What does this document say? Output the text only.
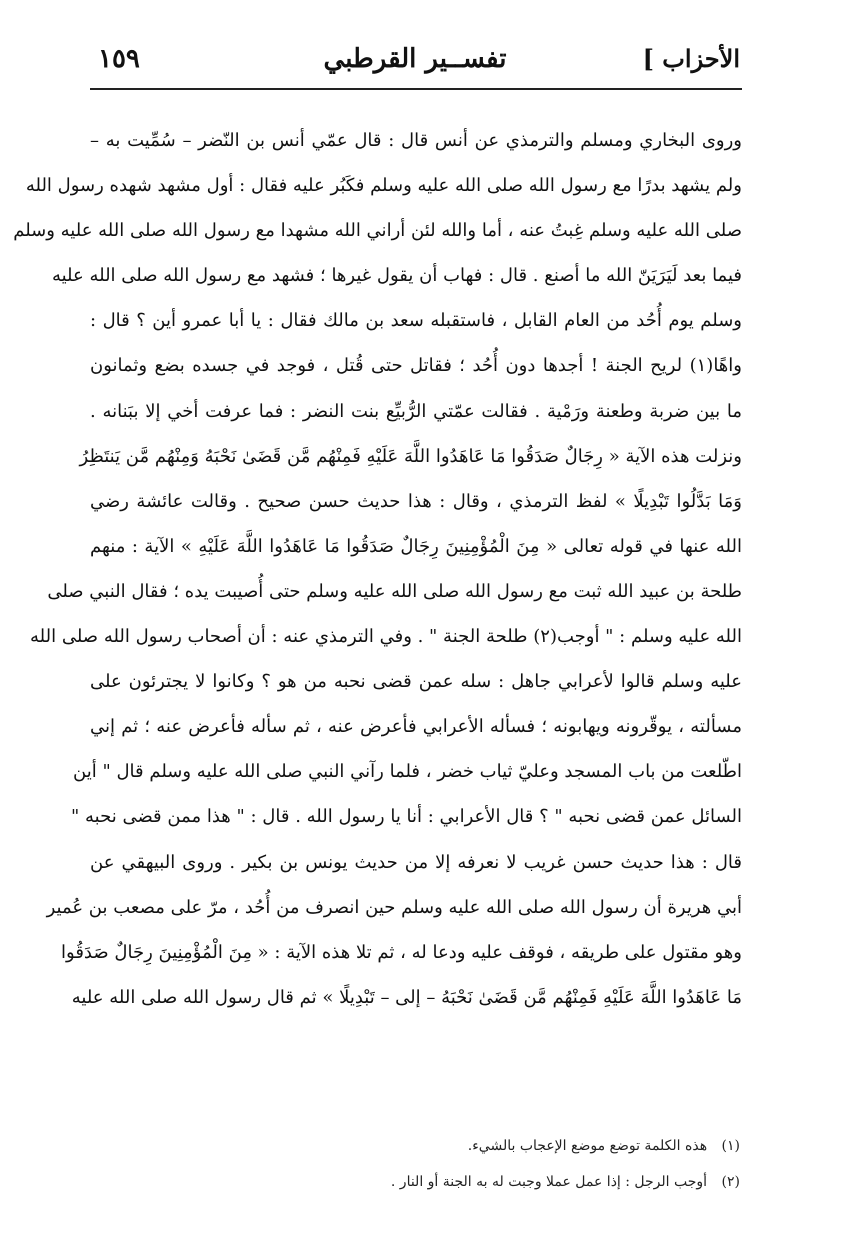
الأحزاب ]
تفســير القرطبي
١٥٩
وروى البخاري ومسلم والترمذي عن أنس قال : قال عمّي أنس بن النّضر – سُمِّيت به –
ولم يشهد بدرًا مع رسول الله صلى الله عليه وسلم فكَبُر عليه فقال : أول مشهد شهده رسول الله
صلى الله عليه وسلم غِبتُ عنه ، أما والله لئن أراني الله مشهدا مع رسول الله صلى الله عليه وسلم
فيما بعد لَيَرَيَنّ الله ما أصنع . قال : فهاب أن يقول غيرها ؛ فشهد مع رسول الله صلى الله عليه
وسلم يوم أُحُد من العام القابل ، فاستقبله سعد بن مالك فقال : يا أبا عمرو أين ؟ قال :
واهًا(١) لريح الجنة ! أجدها دون أُحُد ؛ فقاتل حتى قُتل ، فوجد في جسده بضع وثمانون
ما بين ضربة وطعنة ورَمْية . فقالت عمّتي الرُّبيِّع بنت النضر : فما عرفت أخي إلا ببَنانه .
ونزلت هذه الآية « رِجَالٌ صَدَقُوا مَا عَاهَدُوا اللَّهَ عَلَيْهِ فَمِنْهُم مَّن قَضَىٰ نَحْبَهُ وَمِنْهُم مَّن يَنتَظِرُ
وَمَا بَدَّلُوا تَبْدِيلًا » لفظ الترمذي ، وقال : هذا حديث حسن صحيح . وقالت عائشة رضي
الله عنها في قوله تعالى « مِنَ الْمُؤْمِنِينَ رِجَالٌ صَدَقُوا مَا عَاهَدُوا اللَّهَ عَلَيْهِ » الآية : منهم
طلحة بن عبيد الله ثبت مع رسول الله صلى الله عليه وسلم حتى أُصيبت يده ؛ فقال النبي صلى
الله عليه وسلم : " أوجب(٢) طلحة الجنة " . وفي الترمذي عنه : أن أصحاب رسول الله صلى الله
عليه وسلم قالوا لأعرابي جاهل : سله عمن قضى نحبه من هو ؟ وكانوا لا يجترئون على
مسألته ، يوقّرونه ويهابونه ؛ فسأله الأعرابي فأعرض عنه ، ثم سأله فأعرض عنه ؛ ثم إني
اطّلعت من باب المسجد وعليّ ثياب خضر ، فلما رآني النبي صلى الله عليه وسلم قال " أين
السائل عمن قضى نحبه " ؟ قال الأعرابي : أنا يا رسول الله . قال : " هذا ممن قضى نحبه "
قال : هذا حديث حسن غريب لا نعرفه إلا من حديث يونس بن بكير . وروى البيهقي عن
أبي هريرة أن رسول الله صلى الله عليه وسلم حين انصرف من أُحُد ، مرّ على مصعب بن عُمير
وهو مقتول على طريقه ، فوقف عليه ودعا له ، ثم تلا هذه الآية : « مِنَ الْمُؤْمِنِينَ رِجَالٌ صَدَقُوا
مَا عَاهَدُوا اللَّهَ عَلَيْهِ فَمِنْهُم مَّن قَضَىٰ نَحْبَهُ – إلى – تَبْدِيلًا » ثم قال رسول الله صلى الله عليه
(١) هذه الكلمة توضع موضع الإعجاب بالشيء.
(٢) أوجب الرجل : إذا عمل عملا وجبت له به الجنة أو النار .
